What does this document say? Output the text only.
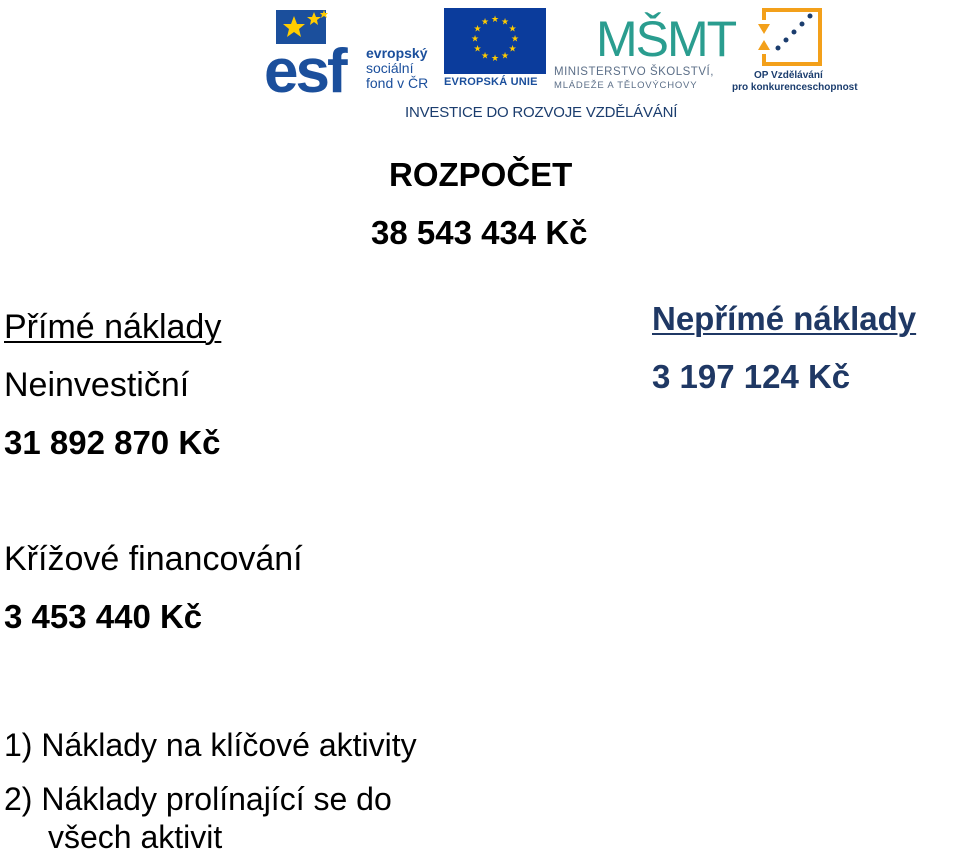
esf evropský
sociální
fond v ČR
★ ★
★
★
★
★
★
★
★
★
★
★
EVROPSKÁ UNIE
MŠMT
MINISTERSTVO ŠKOLSTVÍ,
MLÁDEŽE A TĚLOVÝCHOVY
OP Vzdělávání
pro konkurenceschopnost
INVESTICE DO ROZVOJE VZDĚLÁVÁNÍ
ROZPOČET
38 543 434 Kč
Přímé náklady
Neinvestiční
31 892 870 Kč
Nepřímé náklady
3 197 124 Kč
Křížové financování
3 453 440 Kč
1) Náklady na klíčové aktivity
2) Náklady prolínající se do
všech aktivit
